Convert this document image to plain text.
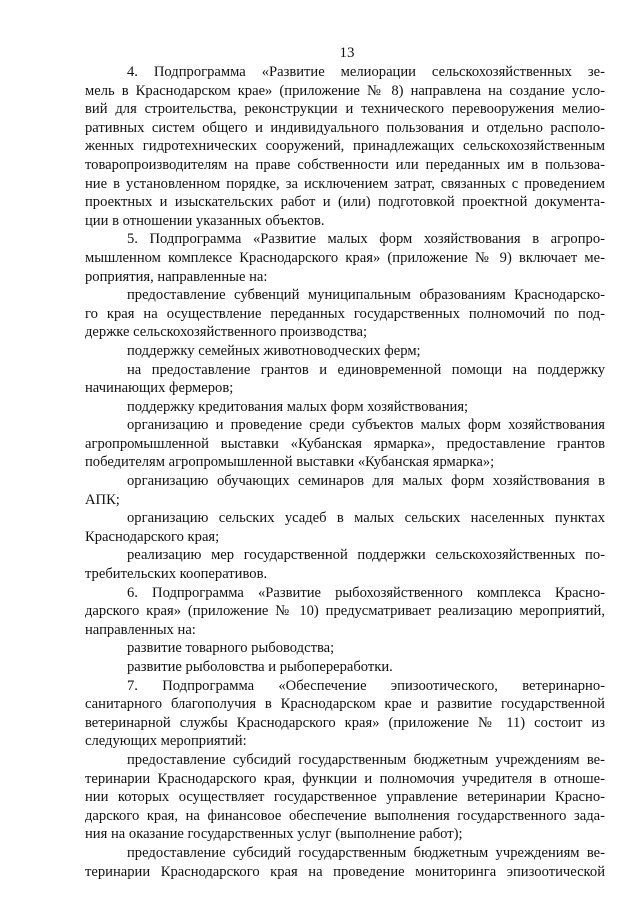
13
4. Подпрограмма «Развитие мелиорации сельскохозяйственных зе-
мель в Краснодарском крае» (приложение № 8) направлена на создание усло-
вий для строительства, реконструкции и технического перевооружения мелио-
ративных систем общего и индивидуального пользования и отдельно располо-
женных гидротехнических сооружений, принадлежащих сельскохозяйственным
товаропроизводителям на праве собственности или переданных им в пользова-
ние в установленном порядке, за исключением затрат, связанных с проведением
проектных и изыскательских работ и (или) подготовкой проектной документа-
ции в отношении указанных объектов.
5. Подпрограмма «Развитие малых форм хозяйствования в агропро-
мышленном комплексе Краснодарского края» (приложение № 9) включает ме-
роприятия, направленные на:
предоставление субвенций муниципальным образованиям Краснодарско-
го края на осуществление переданных государственных полномочий по под-
держке сельскохозяйственного производства;
поддержку семейных животноводческих ферм;
на предоставление грантов и единовременной помощи на поддержку
начинающих фермеров;
поддержку кредитования малых форм хозяйствования;
организацию и проведение среди субъектов малых форм хозяйствования
агропромышленной выставки «Кубанская ярмарка», предоставление грантов
победителям агропромышленной выставки «Кубанская ярмарка»;
организацию обучающих семинаров для малых форм хозяйствования в
АПК;
организацию сельских усадеб в малых сельских населенных пунктах
Краснодарского края;
реализацию мер государственной поддержки сельскохозяйственных по-
требительских кооперативов.
6. Подпрограмма «Развитие рыбохозяйственного комплекса Красно-
дарского края» (приложение № 10) предусматривает реализацию мероприятий,
направленных на:
развитие товарного рыбоводства;
развитие рыболовства и рыбопереработки.
7. Подпрограмма «Обеспечение эпизоотического, ветеринарно-
санитарного благополучия в Краснодарском крае и развитие государственной
ветеринарной службы Краснодарского края» (приложение № 11) состоит из
следующих мероприятий:
предоставление субсидий государственным бюджетным учреждениям ве-
теринарии Краснодарского края, функции и полномочия учредителя в отноше-
нии которых осуществляет государственное управление ветеринарии Красно-
дарского края, на финансовое обеспечение выполнения государственного зада-
ния на оказание государственных услуг (выполнение работ);
предоставление субсидий государственным бюджетным учреждениям ве-
теринарии Краснодарского края на проведение мониторинга эпизоотической
